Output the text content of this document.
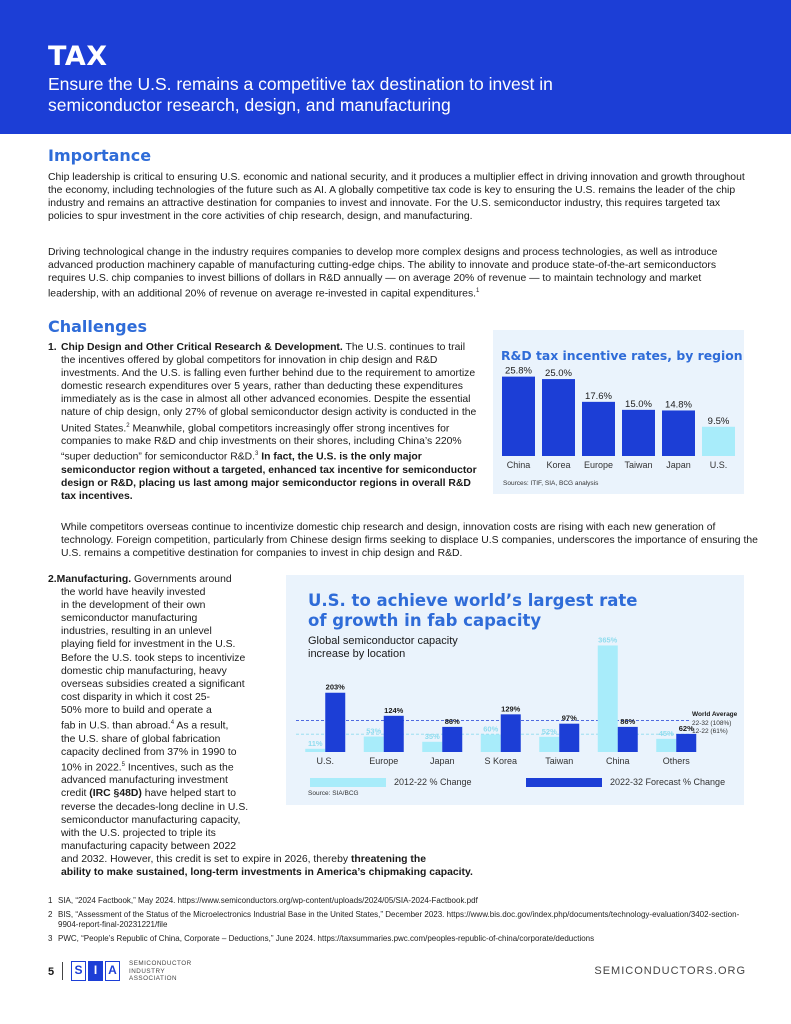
TAX
Ensure the U.S. remains a competitive tax destination to invest in
semiconductor research, design, and manufacturing
Importance
Chip leadership is critical to ensuring U.S. economic and national security, and it produces a multiplier effect in driving innovation and growth throughout the economy, including technologies of the future such as AI. A globally competitive tax code is key to ensuring the U.S. remains the leader of the chip industry and remains an attractive destination for companies to invest and innovate. For the U.S. semiconductor industry, this requires targeted tax policies to spur investment in the core activities of chip research, design, and manufacturing.
Driving technological change in the industry requires companies to develop more complex designs and process technologies, as well as introduce advanced production machinery capable of manufacturing cutting-edge chips. The ability to innovate and produce state-of-the-art semiconductors requires U.S. chip companies to invest billions of dollars in R&D annually — on average 20% of revenue — to maintain technology and market leadership, with an additional 20% of revenue on average re-invested in capital expenditures.$^1$
Challenges
1. Chip Design and Other Critical Research & Development. The U.S. continues to trail the incentives offered by global competitors for innovation in chip design and R&D investments. And the U.S. is falling even further behind due to the requirement to amortize domestic research expenditures over 5 years, rather than deducting these expenditures immediately as is the case in almost all other advanced economies. Despite the essential nature of chip design, only 27% of global semiconductor design activity is conducted in the United States.$^2$ Meanwhile, global competitors increasingly offer strong incentives for companies to make R&D and chip investments on their shores, including China’s 220% “super deduction” for semiconductor R&D.$^3$ In fact, the U.S. is the only major semiconductor region without a targeted, enhanced tax incentive for semiconductor design or R&D, placing us last among major semiconductor regions in overall R&D tax incentives.
While competitors overseas continue to incentivize domestic chip research and design, innovation costs are rising with each new generation of technology. Foreign competition, particularly from Chinese design firms seeking to displace U.S companies, underscores the importance of ensuring the U.S. remains a competitive destination for companies to invest in chip design and R&D.
2.Manufacturing. Governments around
the world have heavily invested
in the development of their own
semiconductor manufacturing
industries, resulting in an unlevel
playing field for investment in the U.S.
Before the U.S. took steps to incentivize
domestic chip manufacturing, heavy
overseas subsidies created a significant
cost disparity in which it cost 25-
50% more to build and operate a
fab in U.S. than abroad.$^4$ As a result,
the U.S. share of global fabrication
capacity declined from 37% in 1990 to
10% in 2022.$^5$ Incentives, such as the
advanced manufacturing investment
credit (IRC §48D) have helped start to
reverse the decades-long decline in U.S.
semiconductor manufacturing capacity,
with the U.S. projected to triple its
manufacturing capacity between 2022
and 2032. However, this credit is set to expire in 2026, thereby threatening the
ability to make sustained, long-term investments in America’s chipmaking capacity.
R&D tax incentive rates, by region
25.8%
China
25.0%
Korea
17.6%
Europe
15.0%
Taiwan
14.8%
Japan
9.5%
U.S.
Sources: ITIF, SIA, BCG analysis
U.S. to achieve world’s largest rate of growth in fab capacity
Global semiconductor capacity increase by location
11%
203%
U.S.
53%
124%
Europe
35%
86%
Japan
60%
129%
S Korea
52%
97%
Taiwan
365%
86%
China
45%
62%
Others
World Average
22-32 (108%)
12-22 (61%)
2012-22 % Change	2022-32 Forecast % Change
Source: SIA/BCG
1 SIA, “2024 Factbook,” May 2024. https://www.semiconductors.org/wp-content/uploads/2024/05/SIA-2024-Factbook.pdf
2 BIS, “Assessment of the Status of the Microelectronics Industrial Base in the United States,” December 2023. https://www.bis.doc.gov/index.php/documents/technology-evaluation/3402-section-9904-report-final-20231221/file
3 PWC, “People’s Republic of China, Corporate – Deductions,” June 2024. https://taxsummaries.pwc.com/peoples-republic-of-china/corporate/deductions
5 S I A	SEMICONDUCTOR
INDUSTRY
ASSOCIATION
SEMICONDUCTORS.ORG
